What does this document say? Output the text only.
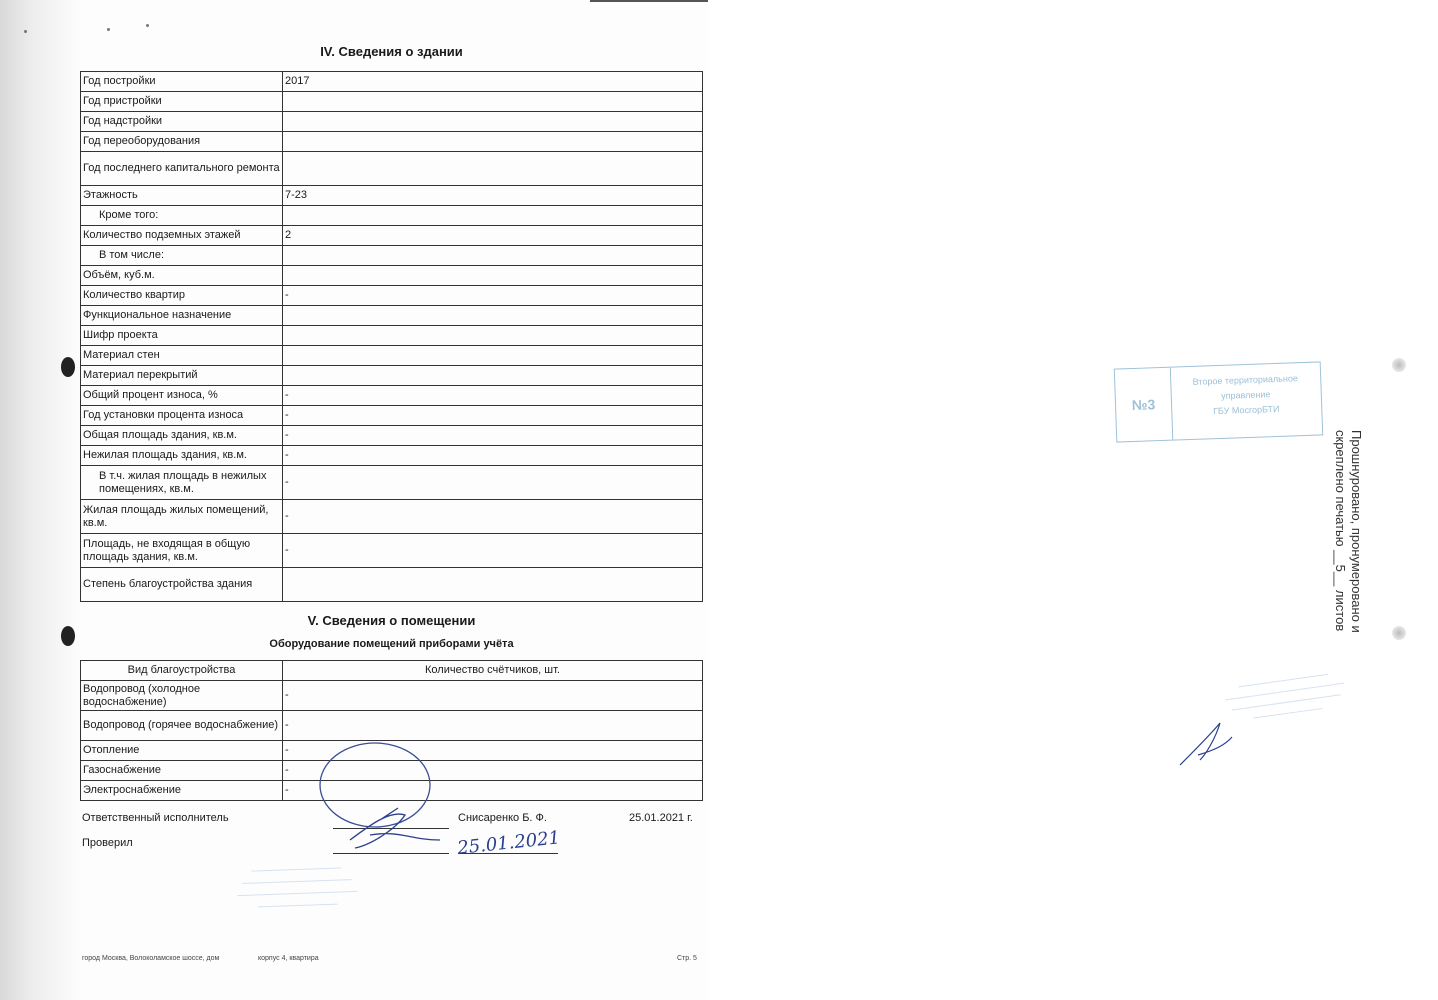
IV. Сведения о здании
Год постройки	2017
Год пристройки	
Год надстройки	
Год переоборудования	
Год последнего капитального ремонта	
Этажность	7-23
Кроме того:	
Количество подземных этажей	2
В том числе:	
Объём, куб.м.	
Количество квартир	-
Функциональное назначение	
Шифр проекта	
Материал стен	
Материал перекрытий	
Общий процент износа, %	-
Год установки процента износа	-
Общая площадь здания, кв.м.	-
Нежилая площадь здания, кв.м.	-
В т.ч. жилая площадь в нежилых помещениях, кв.м.	-
Жилая площадь жилых помещений, кв.м.	-
Площадь, не входящая в общую площадь здания, кв.м.	-
Степень благоустройства здания	
V. Сведения о помещении
Оборудование помещений приборами учёта
Вид благоустройства	Количество счётчиков, шт.
Водопровод (холодное водоснабжение)	-
Водопровод (горячее водоснабжение)	-
Отопление	-
Газоснабжение	-
Электроснабжение	-
Ответственный исполнитель	Снисаренко Б. Ф.	25.01.2021 г.
Проверил	25.01.2021
город Москва, Волоколамское шоссе, дом	корпус 4, квартира	Стр. 5
№3
Второе территориальное
управление
ГБУ МосгорБТИ
Прошнуровано, пронумеровано и
скреплено печатью __5__ листов
